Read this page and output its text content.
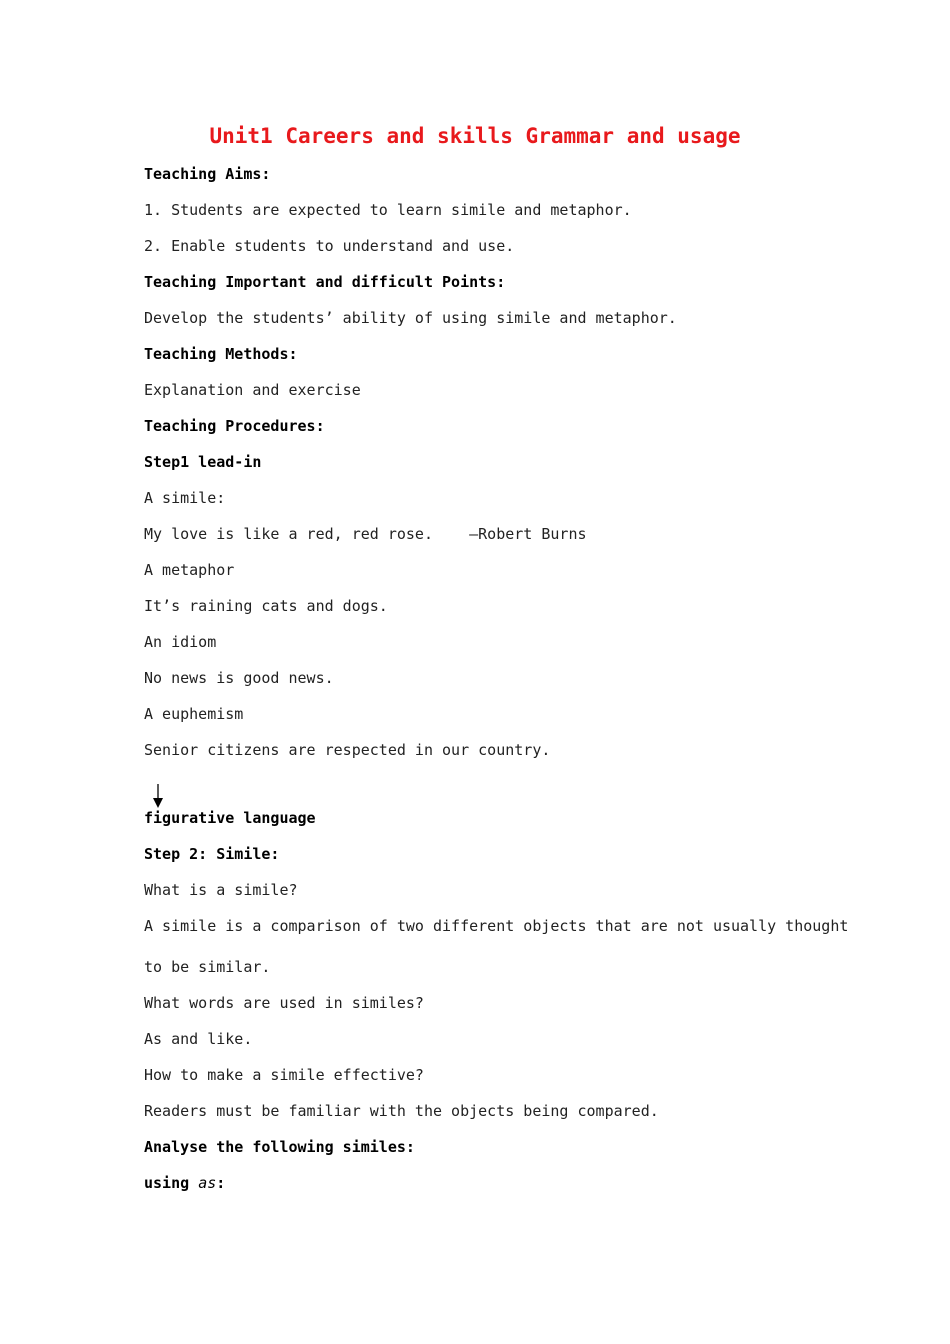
Unit1 Careers and skills Grammar and usage
Teaching Aims:
1. Students are expected to learn simile and metaphor.
2. Enable students to understand and use.
Teaching Important and difficult Points:
Develop the students’ ability of using simile and metaphor.
Teaching Methods:
Explanation and exercise
Teaching Procedures:
Step1 lead-in
A simile:
My love is like a red, red rose.    —Robert Burns
A metaphor
It’s raining cats and dogs.
An idiom
No news is good news.
A euphemism
Senior citizens are respected in our country.
figurative language
Step 2: Simile:
What is a simile?
A simile is a comparison of two different objects that are not usually thought
to be similar.
What words are used in similes?
As and like.
How to make a simile effective?
Readers must be familiar with the objects being compared.
Analyse the following similes:
using as:
